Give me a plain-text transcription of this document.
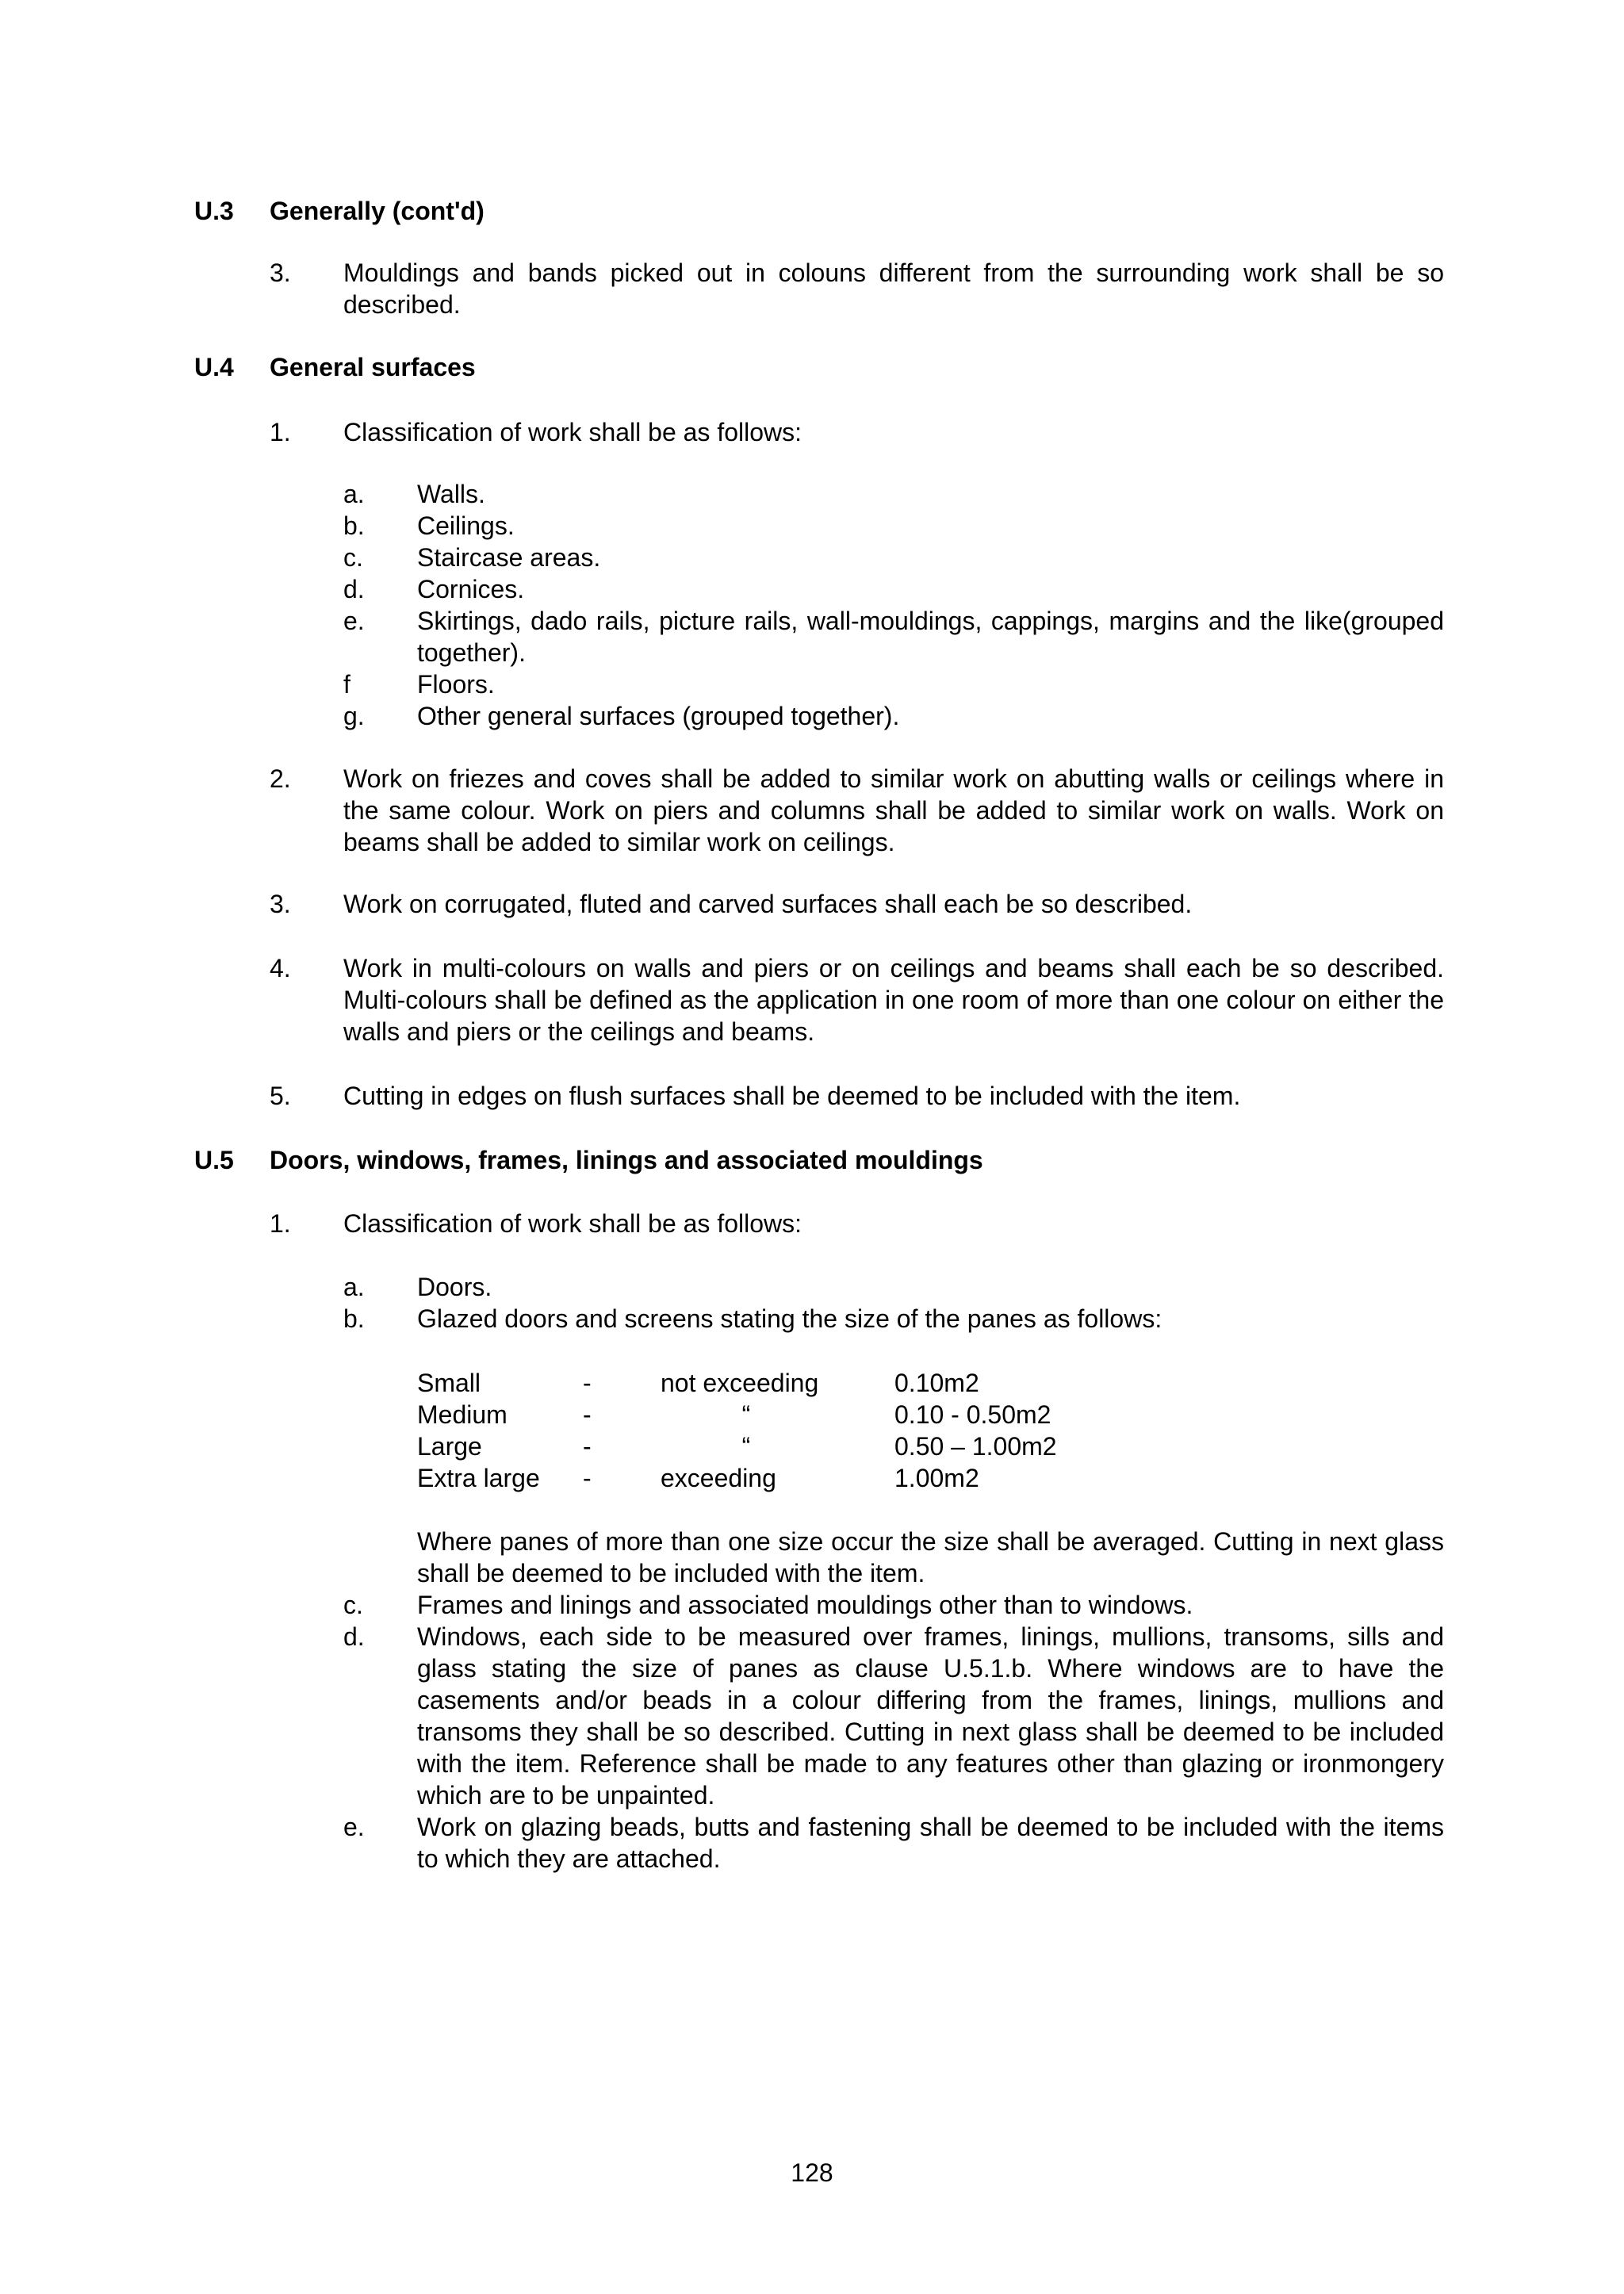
U.3 Generally (cont'd)
3. Mouldings and bands picked out in colouns different from the surrounding work shall be so described.
U.4 General surfaces
1. Classification of work shall be as follows:
a. Walls.
b. Ceilings.
c. Staircase areas.
d. Cornices.
e. Skirtings, dado rails, picture rails, wall-mouldings, cappings, margins and the like(grouped together).
f	Floors.
g. Other general surfaces (grouped together).
2. Work on friezes and coves shall be added to similar work on abutting walls or ceilings where in the same colour. Work on piers and columns shall be added to similar work on walls. Work on beams shall be added to similar work on ceilings.
3. Work on corrugated, fluted and carved surfaces shall each be so described.
4. Work in multi-colours on walls and piers or on ceilings and beams shall each be so described. Multi-colours shall be defined as the application in one room of more than one colour on either the walls and piers or the ceilings and beams.
5. Cutting in edges on flush surfaces shall be deemed to be included with the item.
U.5 Doors, windows, frames, linings and associated mouldings
1. Classification of work shall be as follows:
a. Doors.
b. Glazed doors and screens stating the size of the panes as follows:
Small	-	not exceeding	0.10m2
Medium	-	“	0.10 - 0.50m2
Large	-	“	0.50 – 1.00m2
Extra large -	exceeding	1.00m2
Where panes of more than one size occur the size shall be averaged. Cutting in next glass shall be deemed to be included with the item.
c. Frames and linings and associated mouldings other than to windows.
d. Windows, each side to be measured over frames, linings, mullions, transoms, sills and glass stating the size of panes as clause U.5.1.b. Where windows are to have the casements and/or beads in a colour differing from the frames, linings, mullions and transoms they shall be so described. Cutting in next glass shall be deemed to be included with the item. Reference shall be made to any features other than glazing or ironmongery which are to be unpainted.
e. Work on glazing beads, butts and fastening shall be deemed to be included with the items to which they are attached.
128
